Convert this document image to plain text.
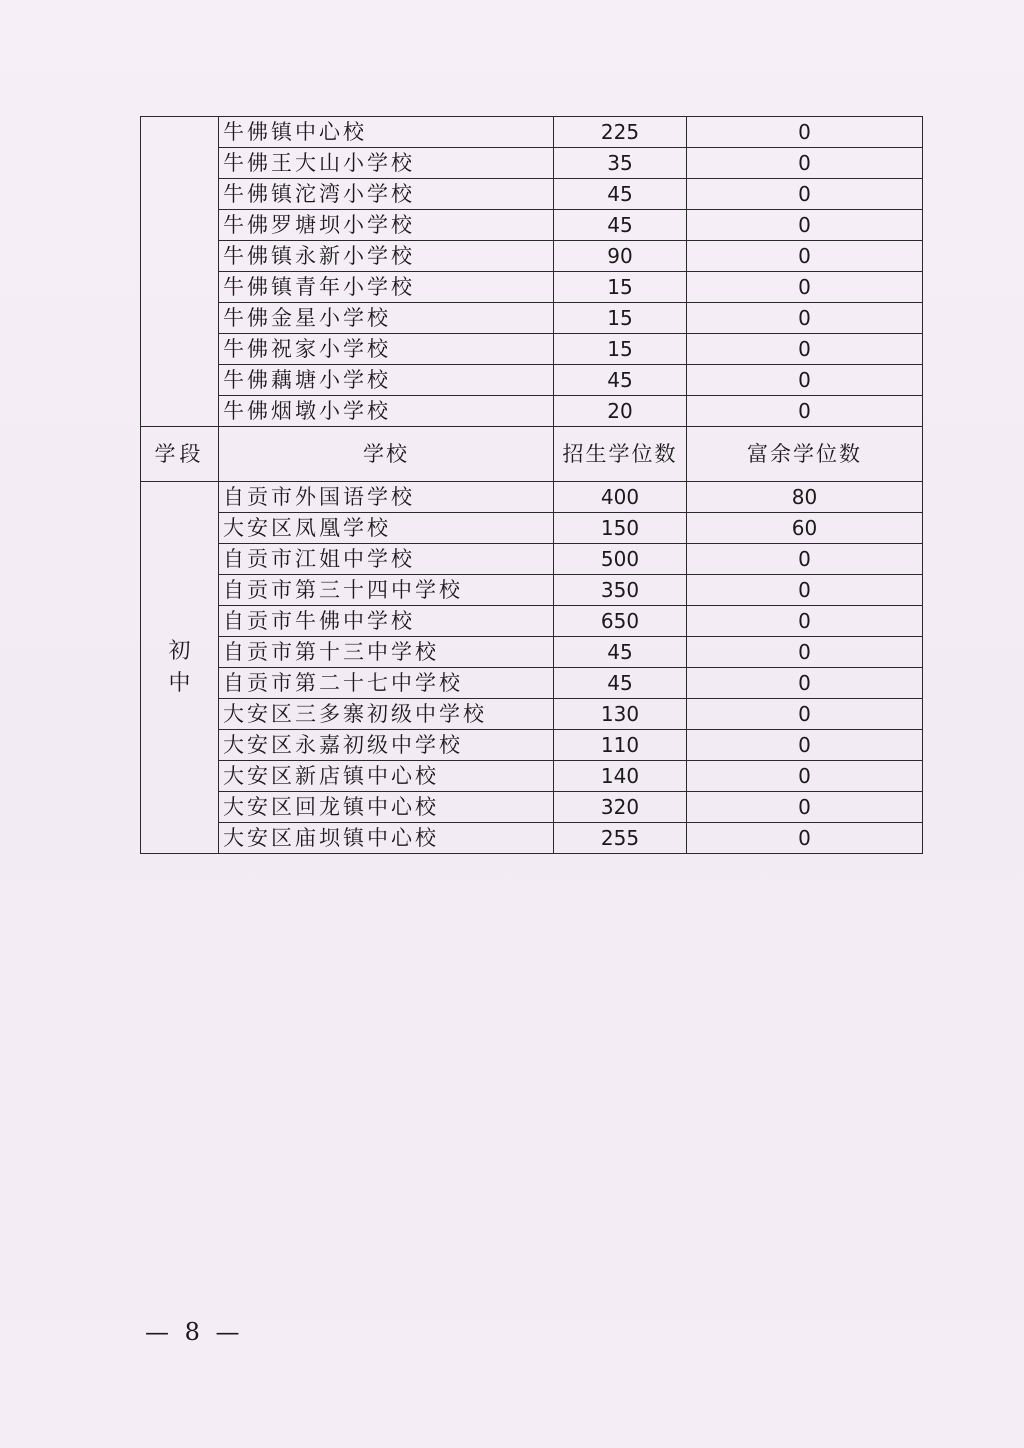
	牛佛镇中心校	225	0
	牛佛王大山小学校	35	0
	牛佛镇沱湾小学校	45	0
	牛佛罗塘坝小学校	45	0
	牛佛镇永新小学校	90	0
	牛佛镇青年小学校	15	0
	牛佛金星小学校	15	0
	牛佛祝家小学校	15	0
	牛佛藕塘小学校	45	0
	牛佛烟墩小学校	20	0
学段	学校	招生学位数	富余学位数
初中	自贡市外国语学校	400	80
	大安区凤凰学校	150	60
	自贡市江姐中学校	500	0
	自贡市第三十四中学校	350	0
	自贡市牛佛中学校	650	0
	自贡市第十三中学校	45	0
	自贡市第二十七中学校	45	0
	大安区三多寨初级中学校	130	0
	大安区永嘉初级中学校	110	0
	大安区新店镇中心校	140	0
	大安区回龙镇中心校	320	0
	大安区庙坝镇中心校	255	0
— 8 —
